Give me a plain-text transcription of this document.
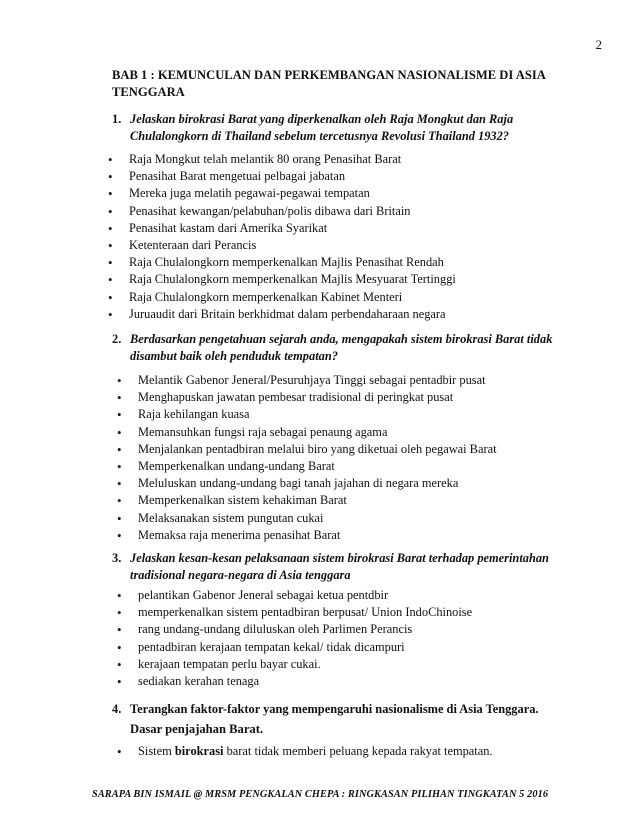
2
BAB 1 : KEMUNCULAN DAN PERKEMBANGAN NASIONALISME DI ASIA TENGGARA
1. Jelaskan birokrasi Barat yang diperkenalkan oleh Raja Mongkut dan Raja Chulalongkorn di Thailand sebelum tercetusnya Revolusi Thailand 1932?
• Raja Mongkut telah melantik 80 orang Penasihat Barat
• Penasihat Barat mengetuai pelbagai jabatan
• Mereka juga melatih pegawai-pegawai tempatan
• Penasihat kewangan/pelabuhan/polis dibawa dari Britain
• Penasihat kastam dari Amerika Syarikat
• Ketenteraan dari Perancis
• Raja Chulalongkorn memperkenalkan Majlis Penasihat Rendah
• Raja Chulalongkorn memperkenalkan Majlis Mesyuarat Tertinggi
• Raja Chulalongkorn memperkenalkan Kabinet Menteri
• Juruaudit dari Britain berkhidmat dalam perbendaharaan negara
2. Berdasarkan pengetahuan sejarah anda, mengapakah sistem birokrasi Barat tidak disambut baik oleh penduduk tempatan?
• Melantik Gabenor Jeneral/Pesuruhjaya Tinggi sebagai pentadbir pusat
• Menghapuskan jawatan pembesar tradisional di peringkat pusat
• Raja kehilangan kuasa
• Memansuhkan fungsi raja sebagai penaung agama
• Menjalankan pentadbiran melalui biro yang diketuai oleh pegawai Barat
• Memperkenalkan undang-undang Barat
• Meluluskan undang-undang bagi tanah jajahan di negara mereka
• Memperkenalkan sistem kehakiman Barat
• Melaksanakan sistem pungutan cukai
• Memaksa raja menerima penasihat Barat
3. Jelaskan kesan-kesan pelaksanaan sistem birokrasi Barat terhadap pemerintahan tradisional negara-negara di Asia tenggara
• pelantikan Gabenor Jeneral sebagai ketua pentdbir
• memperkenalkan sistem pentadbiran berpusat/ Union IndoChinoise
• rang undang-undang diluluskan oleh Parlimen Perancis
• pentadbiran kerajaan tempatan kekal/ tidak dicampuri
• kerajaan tempatan perlu bayar cukai.
• sediakan kerahan tenaga
4. Terangkan faktor-faktor yang mempengaruhi nasionalisme di Asia Tenggara.
Dasar penjajahan Barat.
• Sistem birokrasi barat tidak memberi peluang kepada rakyat tempatan.
SARAPA BIN ISMAIL @ MRSM PENGKALAN CHEPA : RINGKASAN PILIHAN TINGKATAN 5 2016
